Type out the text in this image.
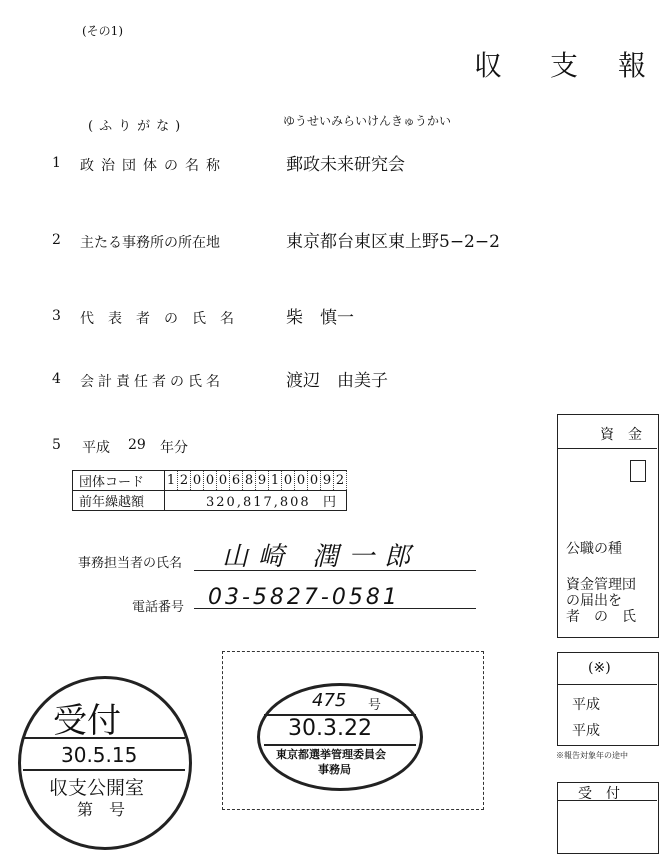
(その1)
収 支 報
(ふりがな)	ゆうせいみらいけんきゅうかい
1 政治団体の名称	郵政未来研究会
2 主たる事務所の所在地	東京都台東区東上野5−2−2
3 代表者の氏名 柴　慎一
4 会計責任者の氏名	渡辺　由美子
5 平成 29 年分
団体コード	1	2	0	0	0	6	8	9	1	0	0	0	9	2
前年繰越額	320,817,808 円													
事務担当者の氏名 山崎 潤一郎
電話番号 03-5827-0581
475 号
30.3.22
東京都選挙管理委員会
事務局
受付
30.5.15
収支公開室
第　号
資　金
公職の種
資金管理団
の届出を
者　の　氏
(※)
平成
平成
※報告対象年の途中
受　付
